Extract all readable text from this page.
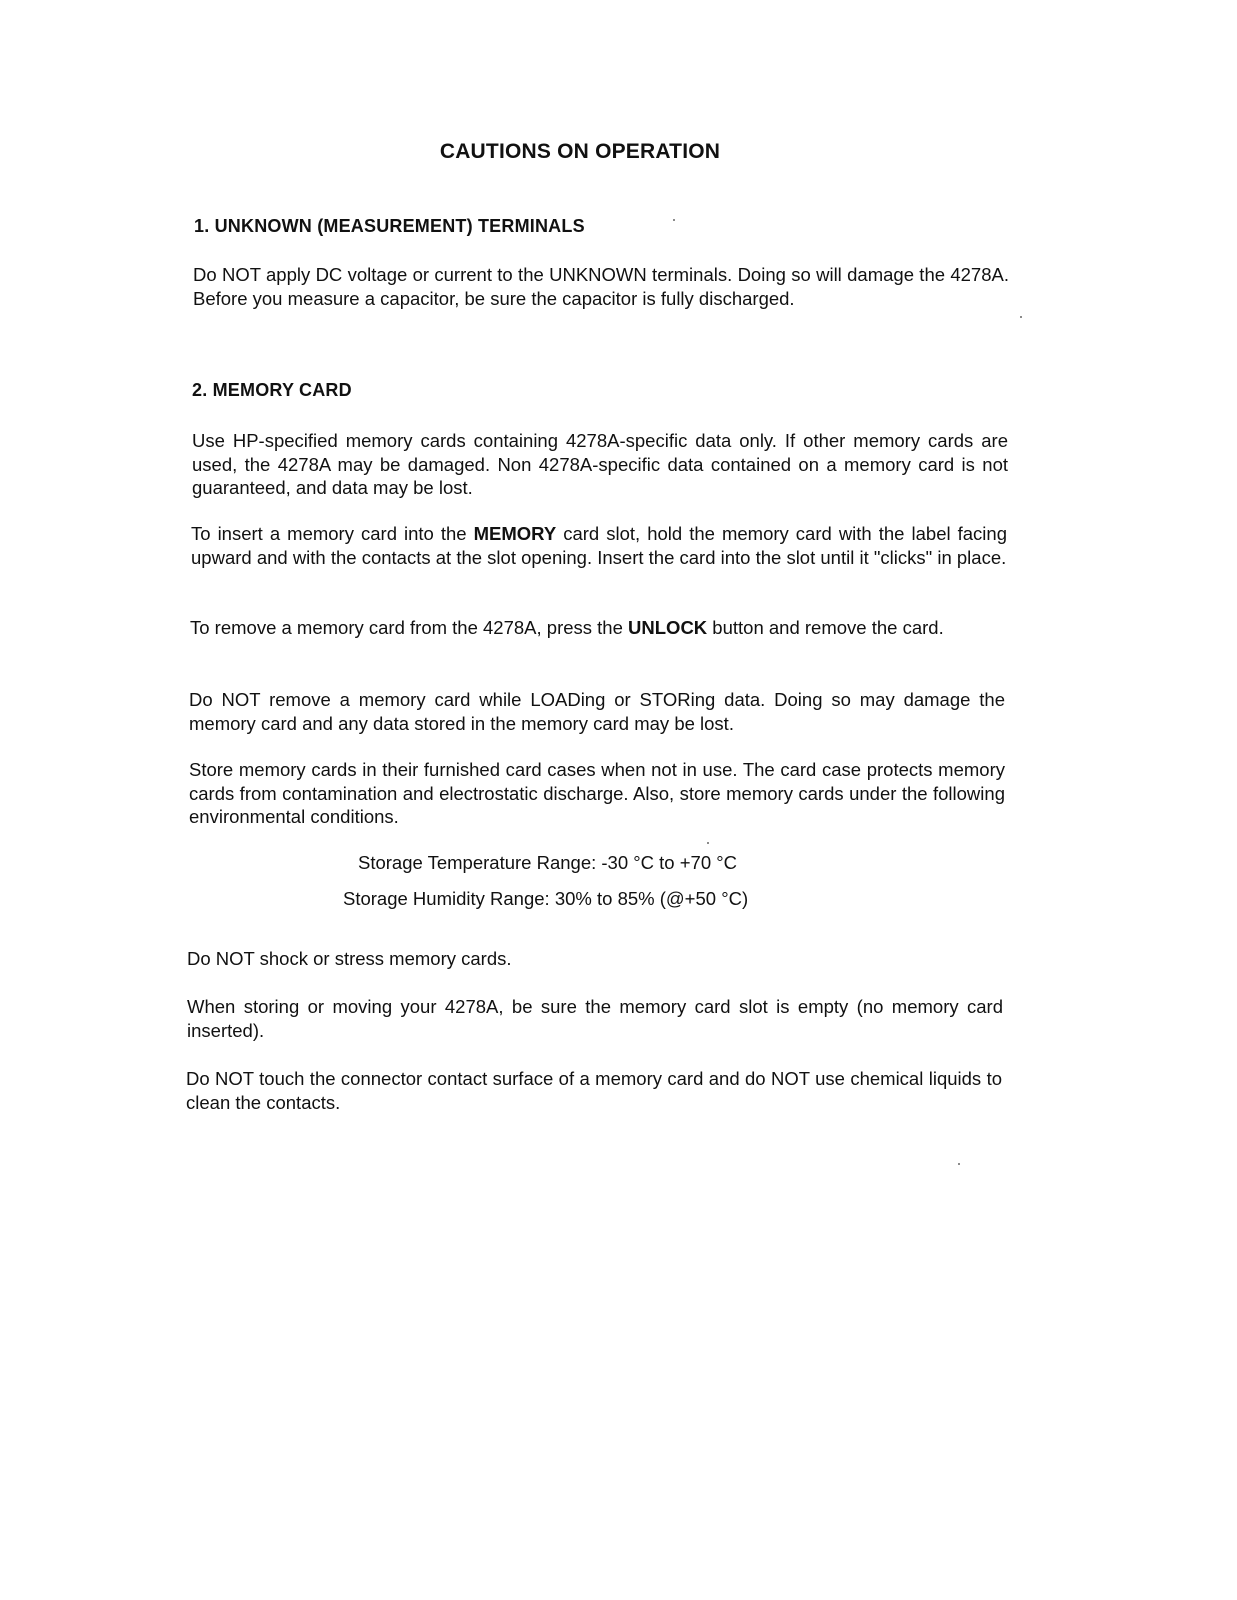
CAUTIONS ON OPERATION
1. UNKNOWN (MEASUREMENT) TERMINALS
Do NOT apply DC voltage or current to the UNKNOWN terminals. Doing so will damage the 4278A. Before you measure a capacitor, be sure the capacitor is fully discharged.
2. MEMORY CARD
Use HP-specified memory cards containing 4278A-specific data only. If other memory cards are used, the 4278A may be damaged. Non 4278A-specific data contained on a memory card is not guaranteed, and data may be lost.
To insert a memory card into the MEMORY card slot, hold the memory card with the label facing upward and with the contacts at the slot opening. Insert the card into the slot until it "clicks" in place.
To remove a memory card from the 4278A, press the UNLOCK button and remove the card.
Do NOT remove a memory card while LOADing or STORing data. Doing so may damage the memory card and any data stored in the memory card may be lost.
Store memory cards in their furnished card cases when not in use. The card case protects memory cards from contamination and electrostatic discharge. Also, store memory cards under the following environmental conditions.
Storage Temperature Range: -30 °C to +70 °C
Storage Humidity Range: 30% to 85% (@+50 °C)
Do NOT shock or stress memory cards.
When storing or moving your 4278A, be sure the memory card slot is empty (no memory card inserted).
Do NOT touch the connector contact surface of a memory card and do NOT use chemical liquids to clean the contacts.
